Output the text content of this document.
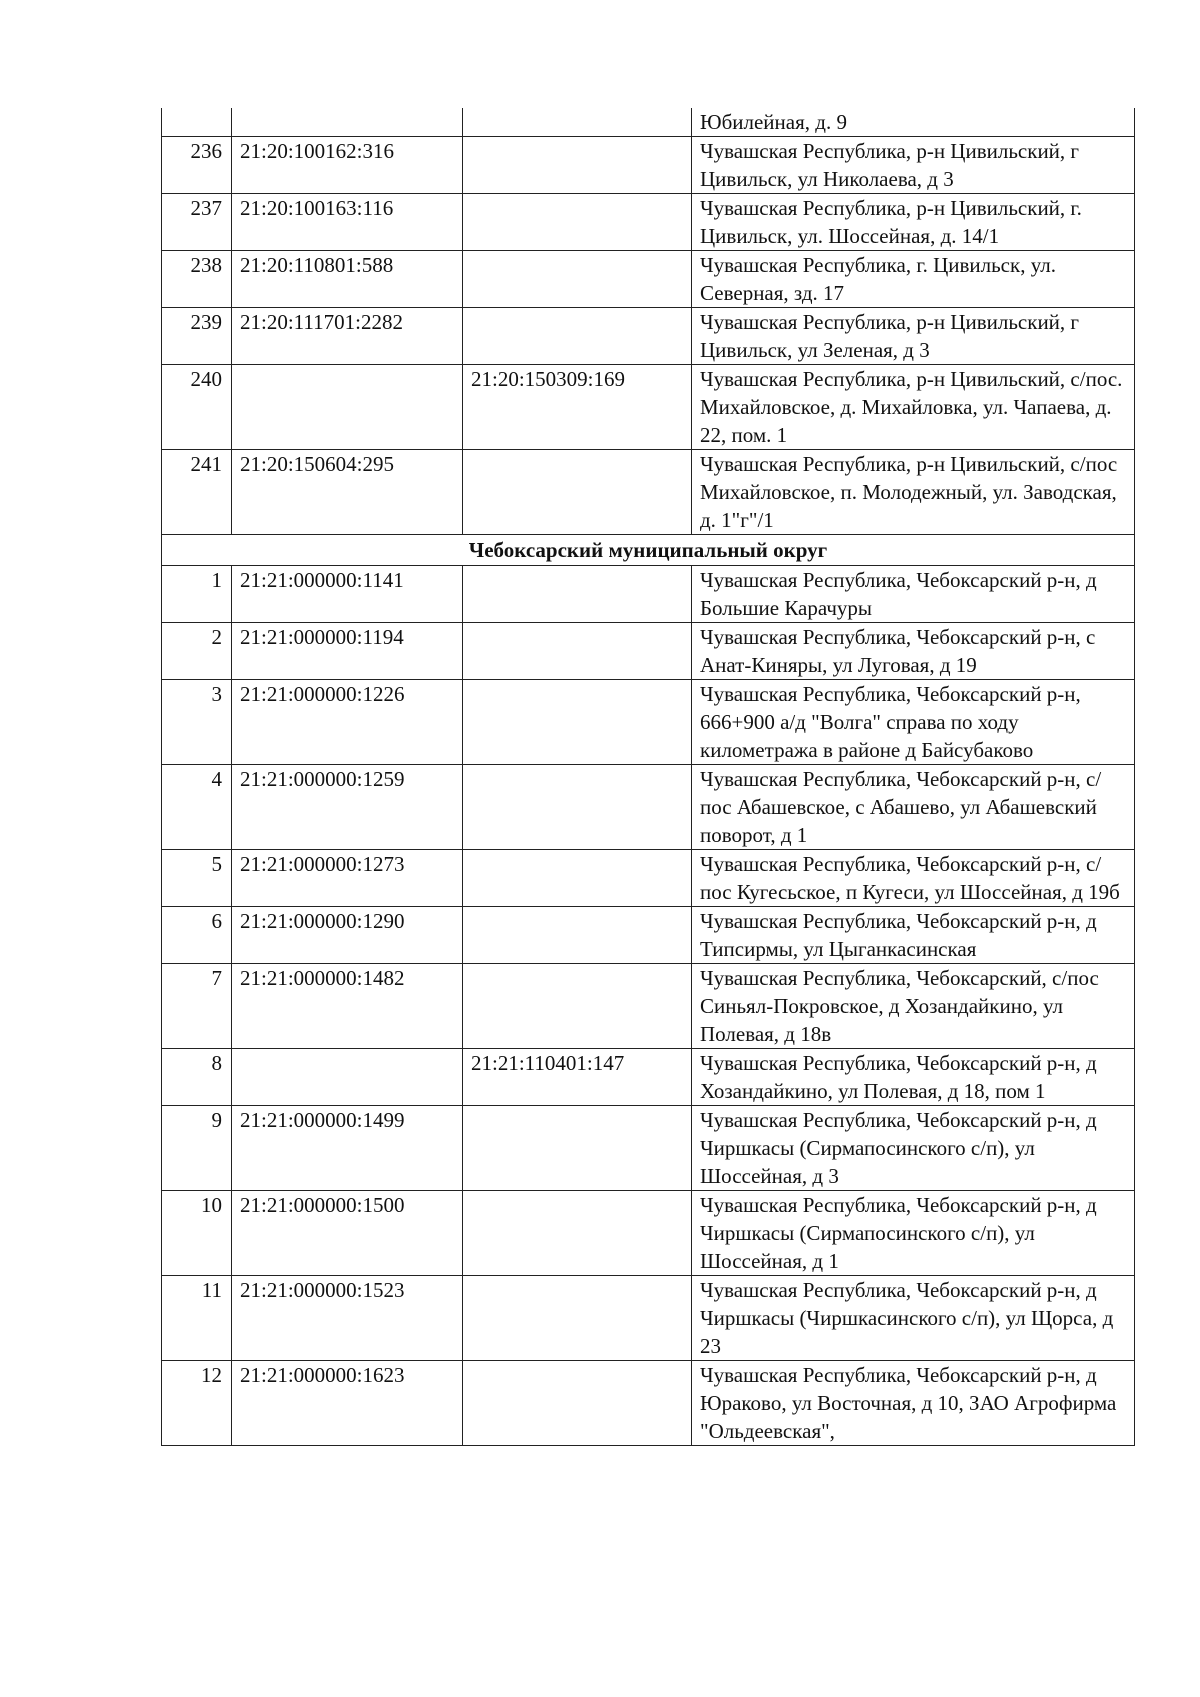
			Юбилейная, д. 9
236	21:20:100162:316		Чувашская Республика, р-н Цивильский, г Цивильск, ул Николаева, д 3
237	21:20:100163:116		Чувашская Республика, р-н Цивильский, г. Цивильск, ул. Шоссейная, д. 14/1
238	21:20:110801:588		Чувашская Республика, г. Цивильск, ул. Северная, зд. 17
239	21:20:111701:2282		Чувашская Республика, р-н Цивильский, г Цивильск, ул Зеленая, д 3
240		21:20:150309:169	Чувашская Республика, р-н Цивильский, с/пос. Михайловское, д. Михайловка, ул. Чапаева, д. 22, пом. 1
241	21:20:150604:295		Чувашская Республика, р-н Цивильский, с/пос Михайловское, п. Молодежный, ул. Заводская, д. 1"г"/1
Чебоксарский муниципальный округ			
1	21:21:000000:1141		Чувашская Республика, Чебоксарский р-н, д Большие Карачуры
2	21:21:000000:1194		Чувашская Республика, Чебоксарский р-н, с Анат-Киняры, ул Луговая, д 19
3	21:21:000000:1226		Чувашская Республика, Чебоксарский р-н, 666+900 а/д "Волга" справа по ходу километража в районе д Байсубаково
4	21:21:000000:1259		Чувашская Республика, Чебоксарский р-н, с/пос Абашевское, с Абашево, ул Абашевский поворот, д 1
5	21:21:000000:1273		Чувашская Республика, Чебоксарский р-н, с/пос Кугесьское, п Кугеси, ул Шоссейная, д 19б
6	21:21:000000:1290		Чувашская Республика, Чебоксарский р-н, д Типсирмы, ул Цыганкасинская
7	21:21:000000:1482		Чувашская Республика, Чебоксарский, с/пос Синьял-Покровское, д Хозандайкино, ул Полевая, д 18в
8		21:21:110401:147	Чувашская Республика, Чебоксарский р-н, д Хозандайкино, ул Полевая, д 18, пом 1
9	21:21:000000:1499		Чувашская Республика, Чебоксарский р-н, д Чиршкасы (Сирмапосинского с/п), ул Шоссейная, д 3
10	21:21:000000:1500		Чувашская Республика, Чебоксарский р-н, д Чиршкасы (Сирмапосинского с/п), ул Шоссейная, д 1
11	21:21:000000:1523		Чувашская Республика, Чебоксарский р-н, д Чиршкасы (Чиршкасинского с/п), ул Щорса, д 23
12	21:21:000000:1623		Чувашская Республика, Чебоксарский р-н, д Юраково, ул Восточная, д 10, ЗАО Агрофирма "Ольдеевская",
